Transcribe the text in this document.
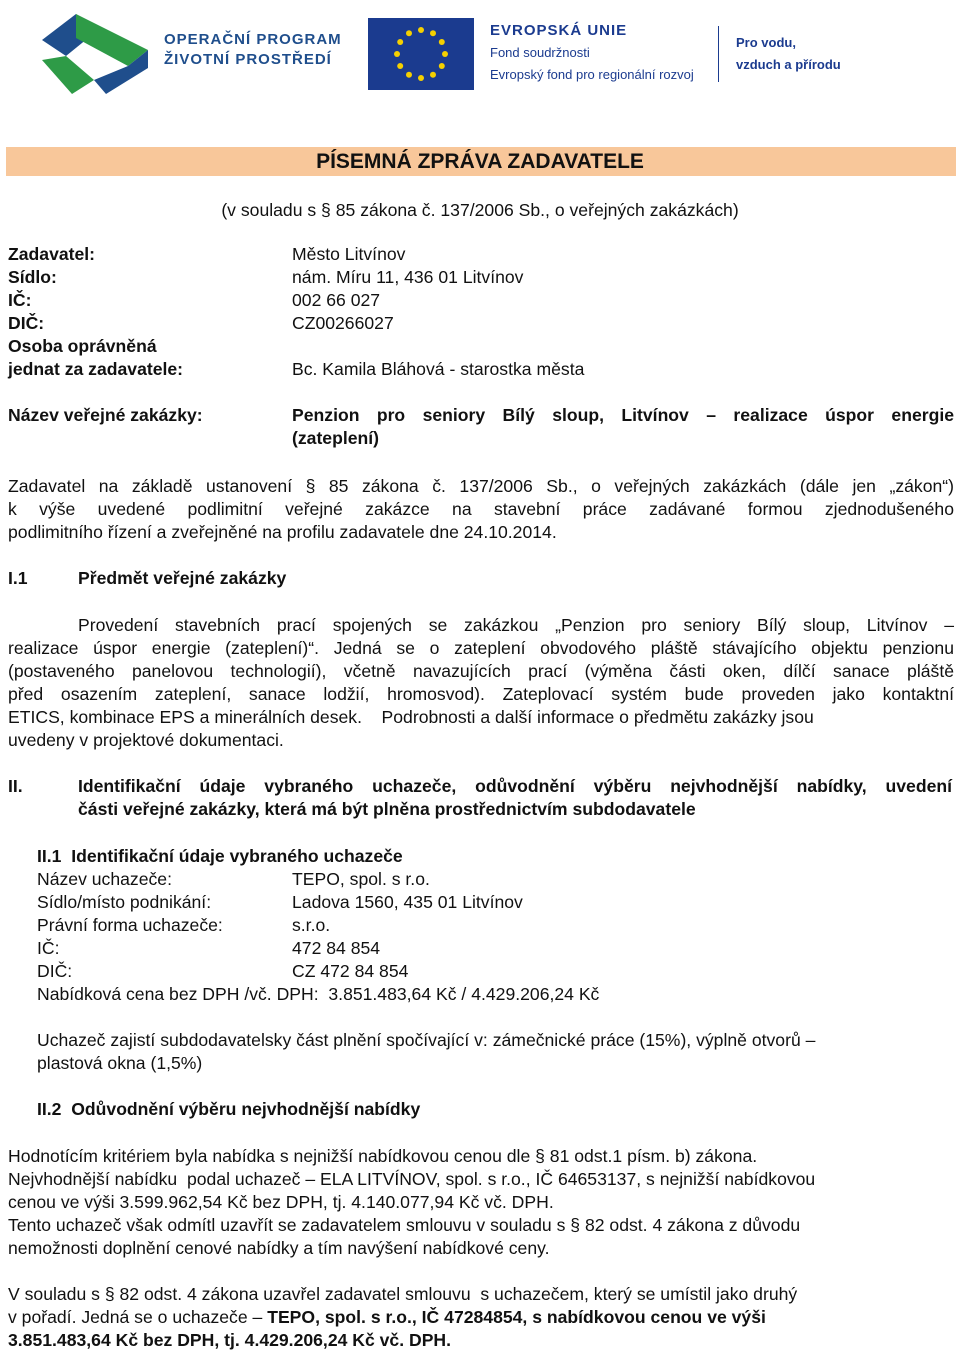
OPERAČNÍ PROGRAM
ŽIVOTNÍ PROSTŘEDÍ
EVROPSKÁ UNIE
Fond soudržnosti
Evropský fond pro regionální rozvoj
Pro vodu,
vzduch a přírodu
PÍSEMNÁ ZPRÁVA ZADAVATELE
(v souladu s § 85 zákona č. 137/2006 Sb., o veřejných zakázkách)
Zadavatel:	Město Litvínov
Sídlo:	nám. Míru 11, 436 01 Litvínov
IČ:	002 66 027
DIČ:	CZ00266027
Osoba oprávněná
jednat za zadavatele:	Bc. Kamila Bláhová - starostka města
Název veřejné zakázky:	Penzion pro seniory Bílý sloup, Litvínov – realizace úspor energie
(zateplení)
Zadavatel na základě ustanovení § 85 zákona č. 137/2006 Sb., o veřejných zakázkách (dále jen „zákon“)
k výše uvedené podlimitní veřejné zakázce na stavební práce zadávané formou zjednodušeného
podlimitního řízení a zveřejněné na profilu zadavatele dne 24.10.2014.
I.1	Předmět veřejné zakázky
Provedení stavebních prací spojených se zakázkou „Penzion pro seniory Bílý sloup, Litvínov –
realizace úspor energie (zateplení)“. Jedná se o zateplení obvodového pláště stávajícího objektu penzionu
(postaveného panelovou technologií), včetně navazujících prací (výměna části oken, dílčí sanace pláště
před osazením zateplení, sanace lodžií, hromosvod). Zateplovací systém bude proveden jako kontaktní
ETICS, kombinace EPS a minerálních desek.    Podrobnosti a další informace o předmětu zakázky jsou
uvedeny v projektové dokumentaci.
II.	Identifikační údaje vybraného uchazeče, odůvodnění výběru nejvhodnější nabídky, uvedení
části veřejné zakázky, která má být plněna prostřednictvím subdodavatele
II.1  Identifikační údaje vybraného uchazeče
Název uchazeče:	TEPO, spol. s r.o.
Sídlo/místo podnikání:	Ladova 1560, 435 01 Litvínov
Právní forma uchazeče:	s.r.o.
IČ:	472 84 854
DIČ:	CZ 472 84 854
Nabídková cena bez DPH /vč. DPH:  3.851.483,64 Kč / 4.429.206,24 Kč
Uchazeč zajistí subdodavatelsky část plnění spočívající v: zámečnické práce (15%), výplně otvorů –
plastová okna (1,5%)
II.2  Odůvodnění výběru nejvhodnější nabídky
Hodnotícím kritériem byla nabídka s nejnižší nabídkovou cenou dle § 81 odst.1 písm. b) zákona.
Nejvhodnější nabídku  podal uchazeč – ELA LITVÍNOV, spol. s r.o., IČ 64653137, s nejnižší nabídkovou
cenou ve výši 3.599.962,54 Kč bez DPH, tj. 4.140.077,94 Kč vč. DPH.
Tento uchazeč však odmítl uzavřít se zadavatelem smlouvu v souladu s § 82 odst. 4 zákona z důvodu
nemožnosti doplnění cenové nabídky a tím navýšení nabídkové ceny.
V souladu s § 82 odst. 4 zákona uzavřel zadavatel smlouvu  s uchazečem, který se umístil jako druhý
v pořadí. Jedná se o uchazeče – TEPO, spol. s r.o., IČ 47284854, s nabídkovou cenou ve výši
3.851.483,64 Kč bez DPH, tj. 4.429.206,24 Kč vč. DPH.
